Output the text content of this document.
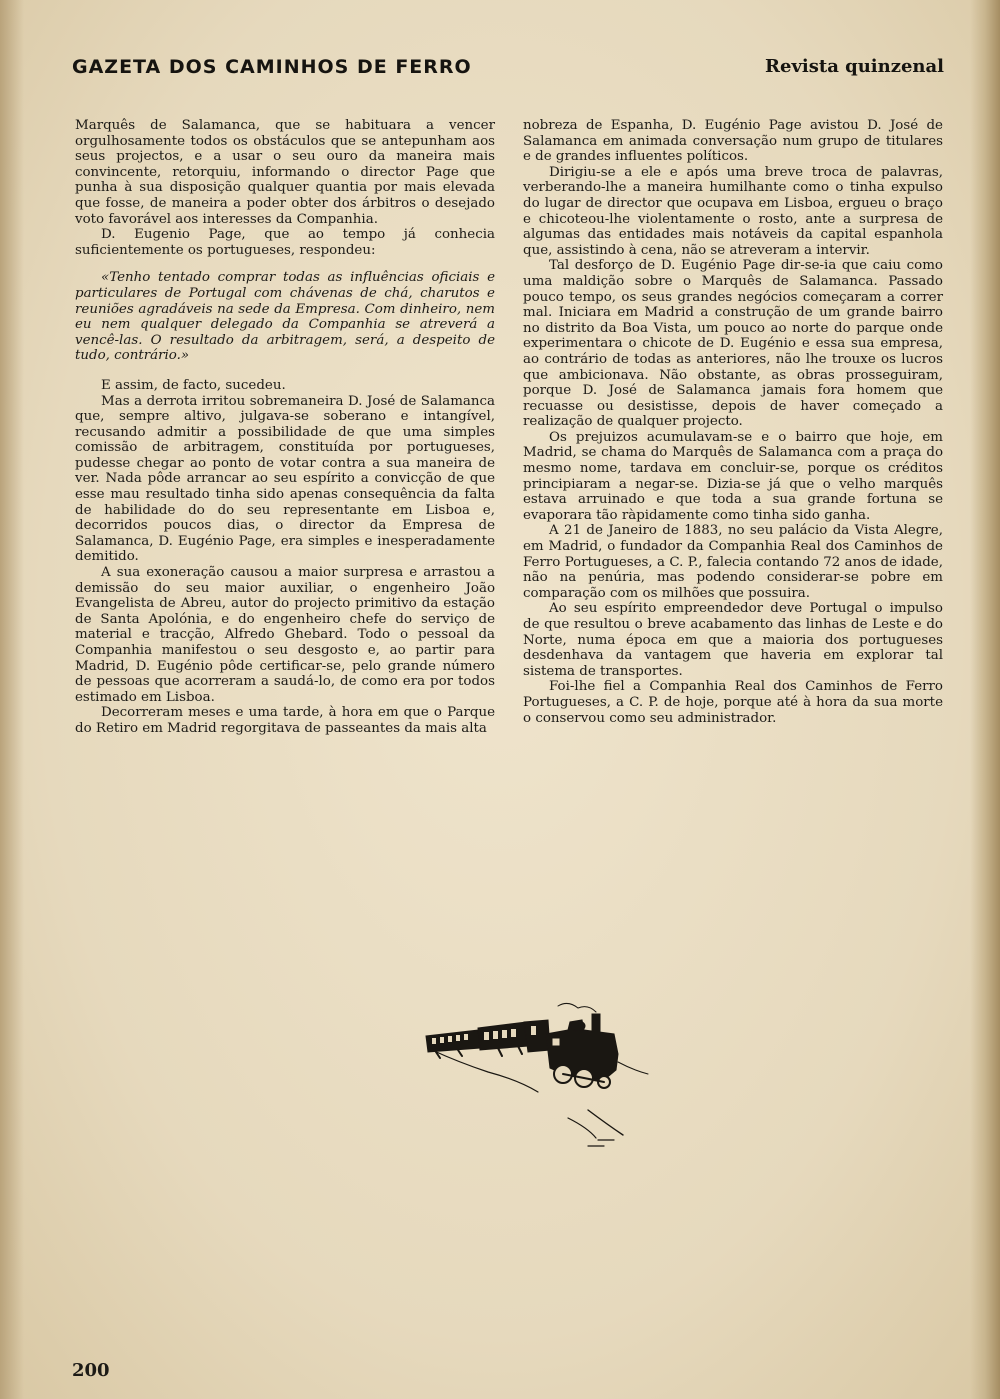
GAZETA DOS CAMINHOS DE FERRO	Revista quinzenal

Marquês de Salamanca, que se habituara a vencer orgulhosamente todos os obstáculos que se antepunham aos seus projectos, e a usar o seu ouro da maneira mais convincente, retorquiu, informando o director Page que punha à sua disposição qualquer quantia por mais elevada que fosse, de maneira a poder obter dos árbitros o desejado voto favorável aos interesses da Companhia.

D. Eugenio Page, que ao tempo já conhecia suficientemente os portugueses, respondeu:

«Tenho tentado comprar todas as influências oficiais e particulares de Portugal com chávenas de chá, charutos e reuniões agradáveis na sede da Empresa. Com dinheiro, nem eu nem qualquer delegado da Companhia se atreverá a vencê-las. O resultado da arbitragem, será, a despeito de tudo, contrário.»

E assim, de facto, sucedeu.

Mas a derrota irritou sobremaneira D. José de Salamanca que, sempre altivo, julgava-se soberano e intangível, recusando admitir a possibilidade de que uma simples comissão de arbitragem, constituída por portugueses, pudesse chegar ao ponto de votar contra a sua maneira de ver. Nada pôde arrancar ao seu espírito a convicção de que esse mau resultado tinha sido apenas consequência da falta de habilidade do do seu representante em Lisboa e, decorridos poucos dias, o director da Empresa de Salamanca, D. Eugénio Page, era simples e inesperadamente demitido.

A sua exoneração causou a maior surpresa e arrastou a demissão do seu maior auxiliar, o engenheiro João Evangelista de Abreu, autor do projecto primitivo da estação de Santa Apolónia, e do engenheiro chefe do serviço de material e tracção, Alfredo Ghebard. Todo o pessoal da Companhia manifestou o seu desgosto e, ao partir para Madrid, D. Eugénio pôde certificar-se, pelo grande número de pessoas que acorreram a saudá-lo, de como era por todos estimado em Lisboa.

Decorreram meses e uma tarde, à hora em que o Parque do Retiro em Madrid regorgitava de passeantes da mais alta

nobreza de Espanha, D. Eugénio Page avistou D. José de Salamanca em animada conversação num grupo de titulares e de grandes influentes políticos.

Dirigiu-se a ele e após uma breve troca de palavras, verberando-lhe a maneira humilhante como o tinha expulso do lugar de director que ocupava em Lisboa, ergueu o braço e chicoteou-lhe violentamente o rosto, ante a surpresa de algumas das entidades mais notáveis da capital espanhola que, assistindo à cena, não se atreveram a intervir.

Tal desforço de D. Eugénio Page dir-se-ia que caiu como uma maldição sobre o Marquês de Salamanca. Passado pouco tempo, os seus grandes negócios começaram a correr mal. Iniciara em Madrid a construção de um grande bairro no distrito da Boa Vista, um pouco ao norte do parque onde experimentara o chicote de D. Eugénio e essa sua empresa, ao contrário de todas as anteriores, não lhe trouxe os lucros que ambicionava. Não obstante, as obras prosseguiram, porque D. José de Salamanca jamais fora homem que recuasse ou desistisse, depois de haver começado a realização de qualquer projecto.

Os prejuizos acumulavam-se e o bairro que hoje, em Madrid, se chama do Marquês de Salamanca com a praça do mesmo nome, tardava em concluir-se, porque os créditos principiaram a negar-se. Dizia-se já que o velho marquês estava arruinado e que toda a sua grande fortuna se evaporara tão ràpidamente como tinha sido ganha.

A 21 de Janeiro de 1883, no seu palácio da Vista Alegre, em Madrid, o fundador da Companhia Real dos Caminhos de Ferro Portugueses, a C. P., falecia contando 72 anos de idade, não na penúria, mas podendo considerar-se pobre em comparação com os milhões que possuira.

Ao seu espírito empreendedor deve Portugal o impulso de que resultou o breve acabamento das linhas de Leste e do Norte, numa época em que a maioria dos portugueses desdenhava da vantagem que haveria em explorar tal sistema de transportes.

Foi-lhe fiel a Companhia Real dos Caminhos de Ferro Portugueses, a C. P. de hoje, porque até à hora da sua morte o conservou como seu administrador.

200
